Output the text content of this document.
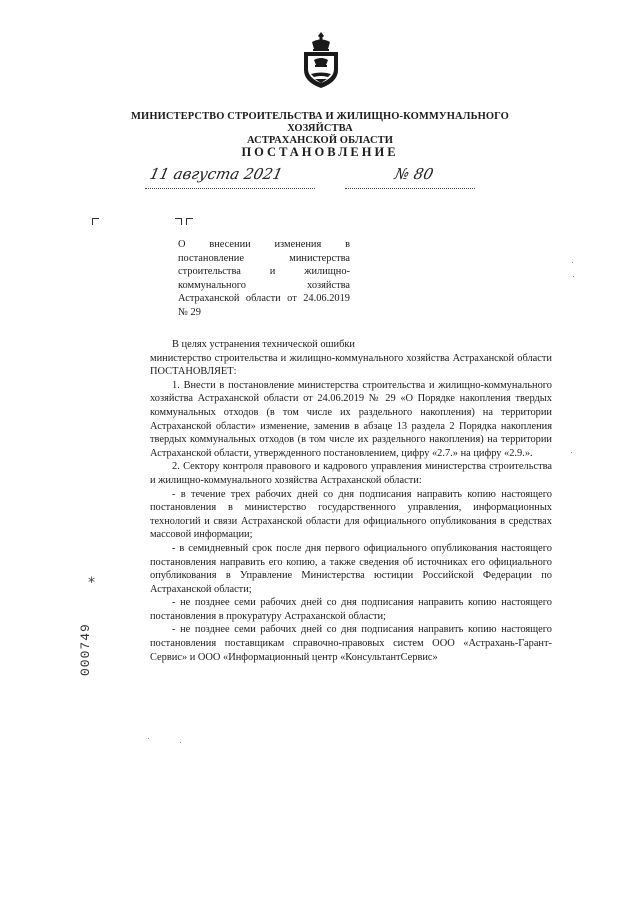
МИНИСТЕРСТВО СТРОИТЕЛЬСТВА И ЖИЛИЩНО-КОММУНАЛЬНОГО ХОЗЯЙСТВА
АСТРАХАНСКОЙ ОБЛАСТИ
ПОСТАНОВЛЕНИЕ
11 августа 2021	№ 80
О внесении изменения в постановление министерства строительства и жилищно-коммунального хозяйства Астраханской области от 24.06.2019 № 29

В целях устранения технической ошибки

министерство строительства и жилищно-коммунального хозяйства Астраханской области ПОСТАНОВЛЯЕТ:

1. Внести в постановление министерства строительства и жилищно-коммунального хозяйства Астраханской области от 24.06.2019 № 29 «О Порядке накопления твердых коммунальных отходов (в том числе их раздельного накопления) на территории Астраханской области» изменение, заменив в абзаце 13 раздела 2 Порядка накопления твердых коммунальных отходов (в том числе их раздельного накопления) на территории Астраханской области, утвержденного постановлением, цифру «2.7.» на цифру «2.9.».

2. Сектору контроля правового и кадрового управления министерства строительства и жилищно-коммунального хозяйства Астраханской области:

- в течение трех рабочих дней со дня подписания направить копию настоящего постановления в министерство государственного управления, информационных технологий и связи Астраханской области для официального опубликования в средствах массовой информации;

- в семидневный срок после дня первого официального опубликования настоящего постановления направить его копию, а также сведения об источниках его официального опубликования в Управление Министерства юстиции Российской Федерации по Астраханской области;

- не позднее семи рабочих дней со дня подписания направить копию настоящего постановления в прокуратуру Астраханской области;

- не позднее семи рабочих дней со дня подписания направить копию настоящего постановления поставщикам справочно-правовых систем ООО «Астрахань-Гарант-Сервис» и ООО «Информационный центр «КонсультантСервис»

*
000749
